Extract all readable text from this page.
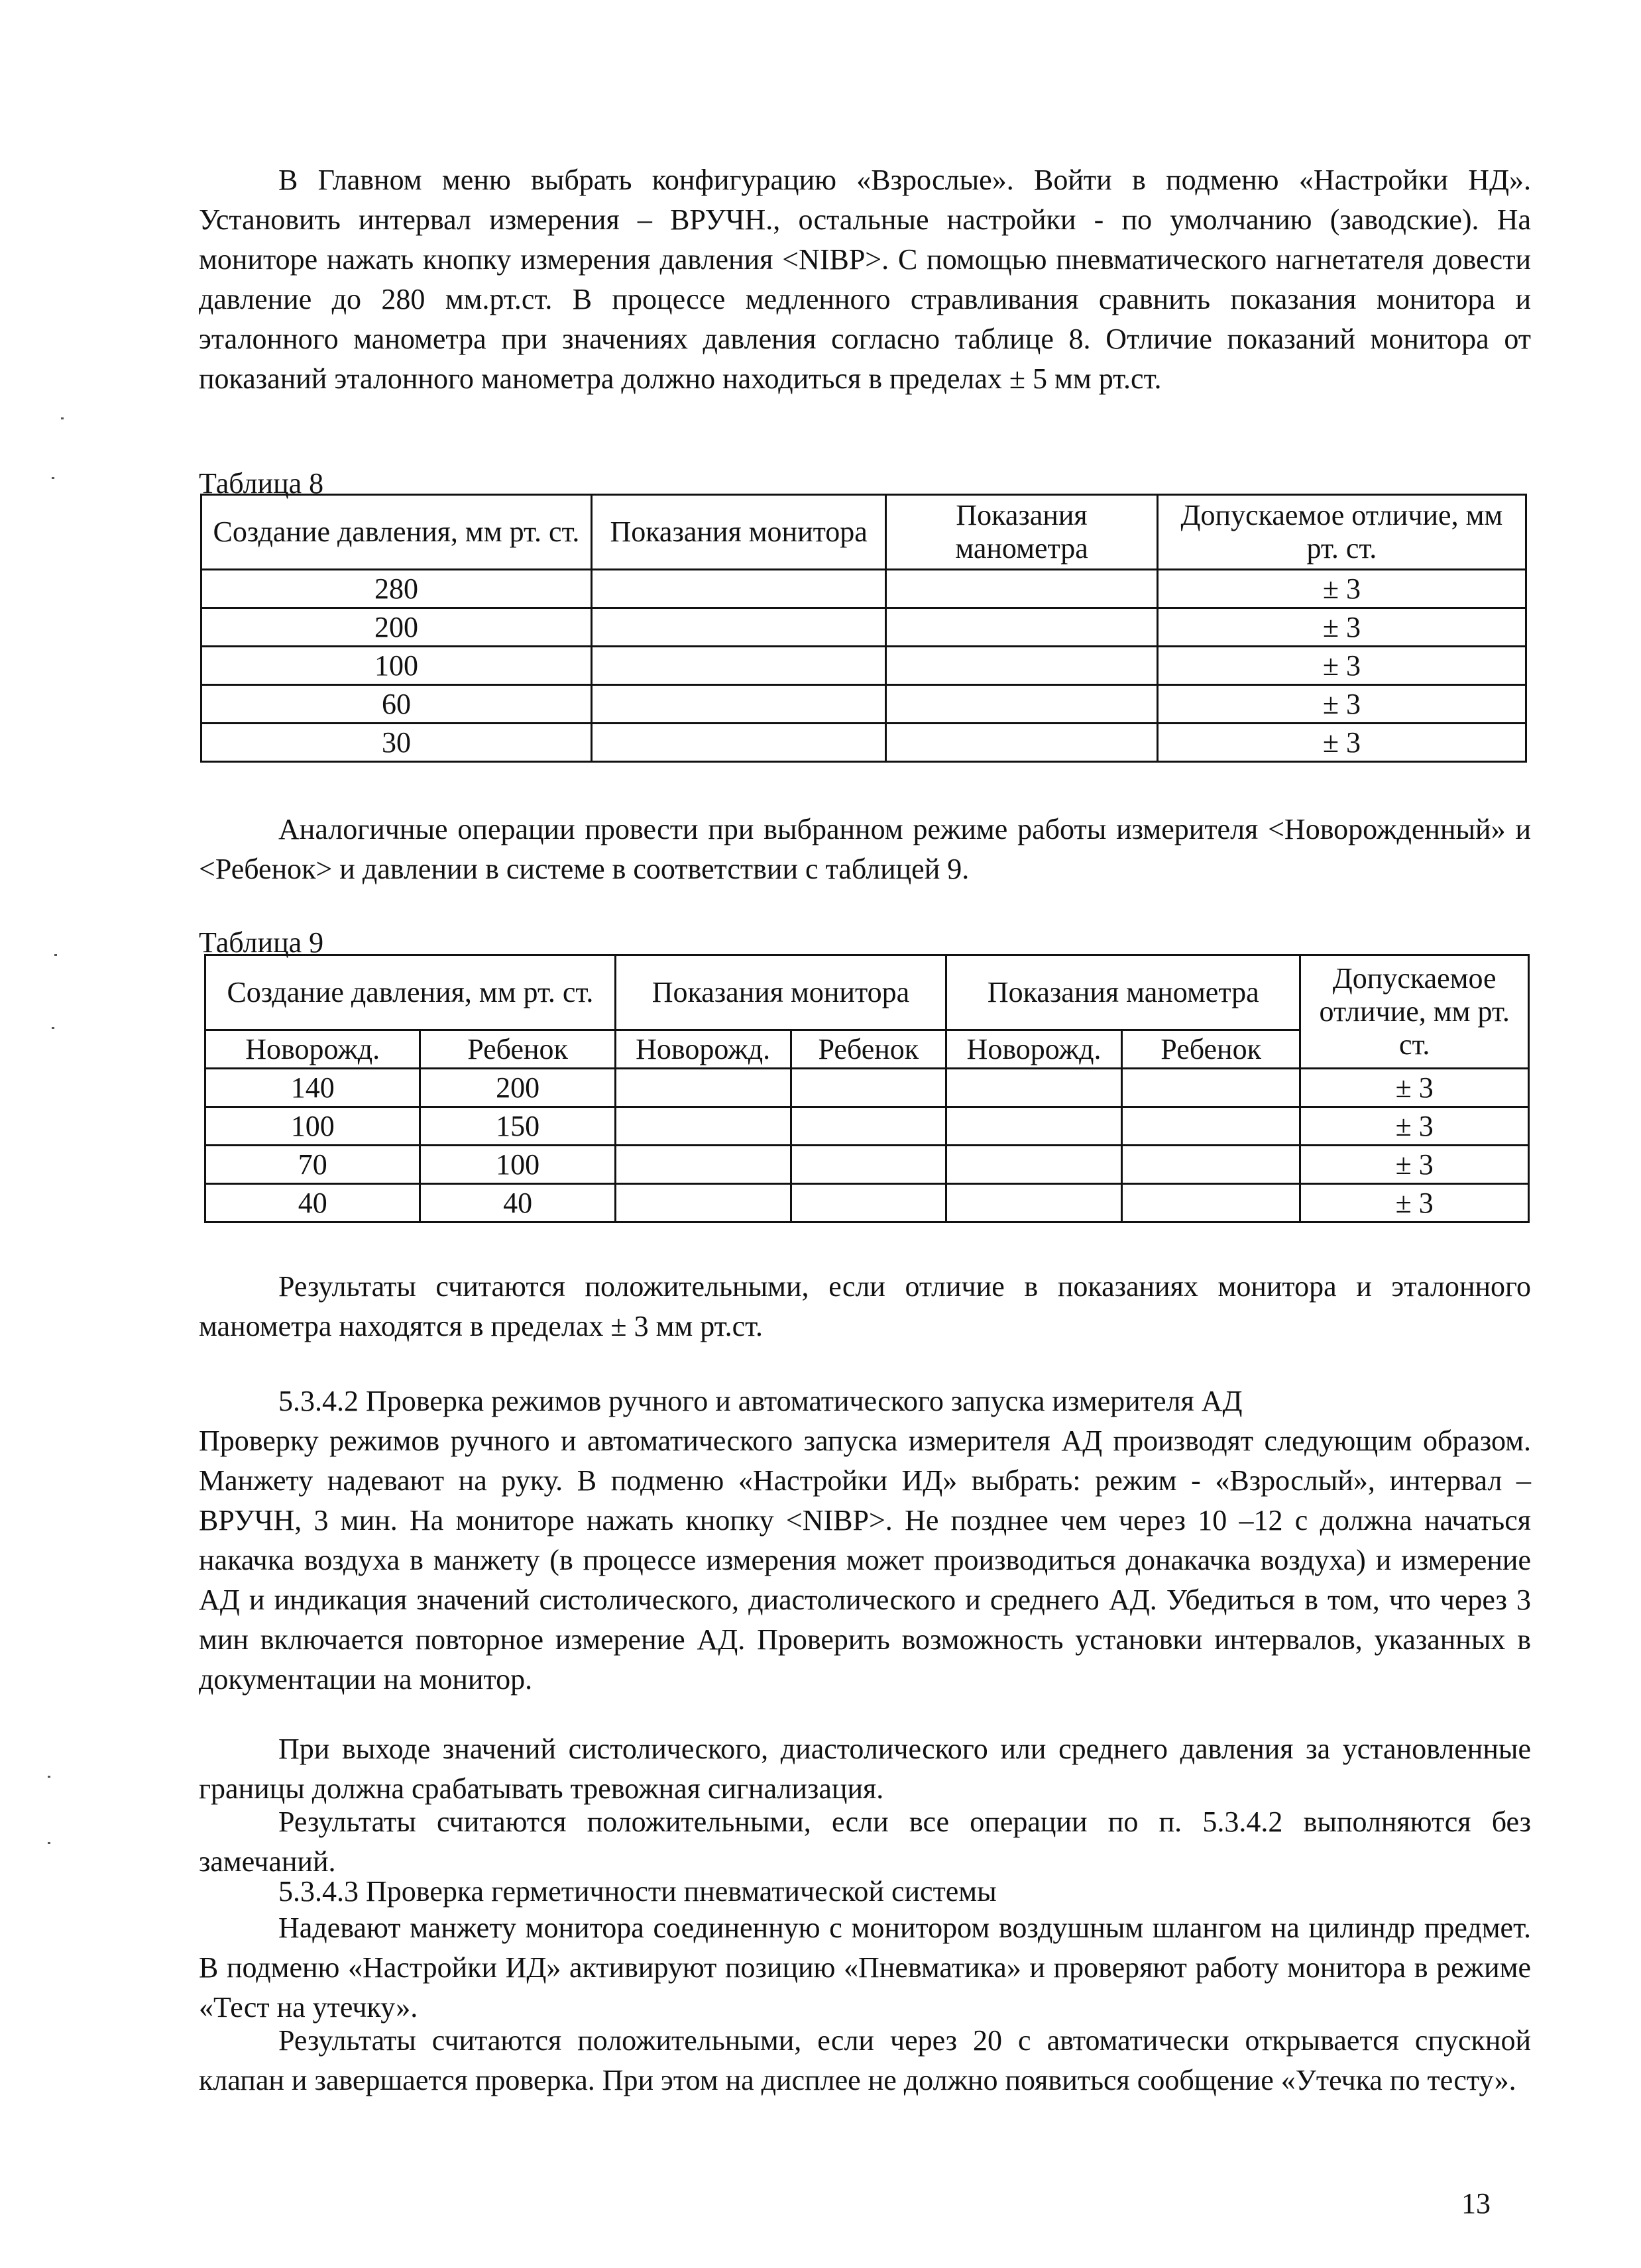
В Главном меню выбрать конфигурацию «Взрослые». Войти в подменю «Настройки НД». Установить интервал измерения – ВРУЧН., остальные настройки - по умолчанию (заводские). На мониторе нажать кнопку измерения давления <NIBP>. С помощью пневматического нагнетателя довести давление до 280 мм.рт.ст. В процессе медленного стравливания сравнить показания монитора и эталонного манометра при значениях давления согласно таблице 8. Отличие показаний монитора от показаний эталонного манометра должно находиться в пределах ± 5 мм рт.ст.
Таблица 8
Создание давления, мм рт. ст.	Показания монитора	Показания манометра	Допускаемое отличие, мм рт. ст.
280			± 3
200			± 3
100			± 3
60			± 3
30			± 3
Аналогичные операции провести при выбранном режиме работы измерителя <Новорожденный» и <Ребенок> и давлении в системе в соответствии с таблицей 9.
Таблица 9
Создание давления, мм рт. ст.		Показания монитора		Показания манометра		Допускаемое отличие, мм рт. ст.
Новорожд.	Ребенок	Новорожд.	Ребенок	Новорожд.	Ребенок	
140	200					± 3
100	150					± 3
70	100					± 3
40	40					± 3
Результаты считаются положительными, если отличие в показаниях монитора и эталонного манометра находятся в пределах ± 3 мм рт.ст.
5.3.4.2 Проверка режимов ручного и автоматического запуска измерителя АД
Проверку режимов ручного и автоматического запуска измерителя АД производят следующим образом. Манжету надевают на руку. В подменю «Настройки ИД» выбрать: режим - «Взрослый», интервал – ВРУЧН, 3 мин. На мониторе нажать кнопку <NIBP>. Не позднее чем через 10 –12 с должна начаться накачка воздуха в манжету (в процессе измерения может производиться донакачка воздуха) и измерение АД и индикация значений систолического, диастолического и среднего АД. Убедиться в том, что через 3 мин включается повторное измерение АД. Проверить возможность установки интервалов, указанных в документации на монитор.
При выходе значений систолического, диастолического или среднего давления за установленные границы должна срабатывать тревожная сигнализация.
Результаты считаются положительными, если все операции по п. 5.3.4.2 выполняются без замечаний.
5.3.4.3 Проверка герметичности пневматической системы
Надевают манжету монитора соединенную с монитором воздушным шлангом на цилиндр предмет. В подменю «Настройки ИД» активируют позицию «Пневматика» и проверяют работу монитора в режиме «Тест на утечку».
Результаты считаются положительными, если через 20 с автоматически открывается спускной клапан и завершается проверка. При этом на дисплее не должно появиться сообщение «Утечка по тесту».
13
